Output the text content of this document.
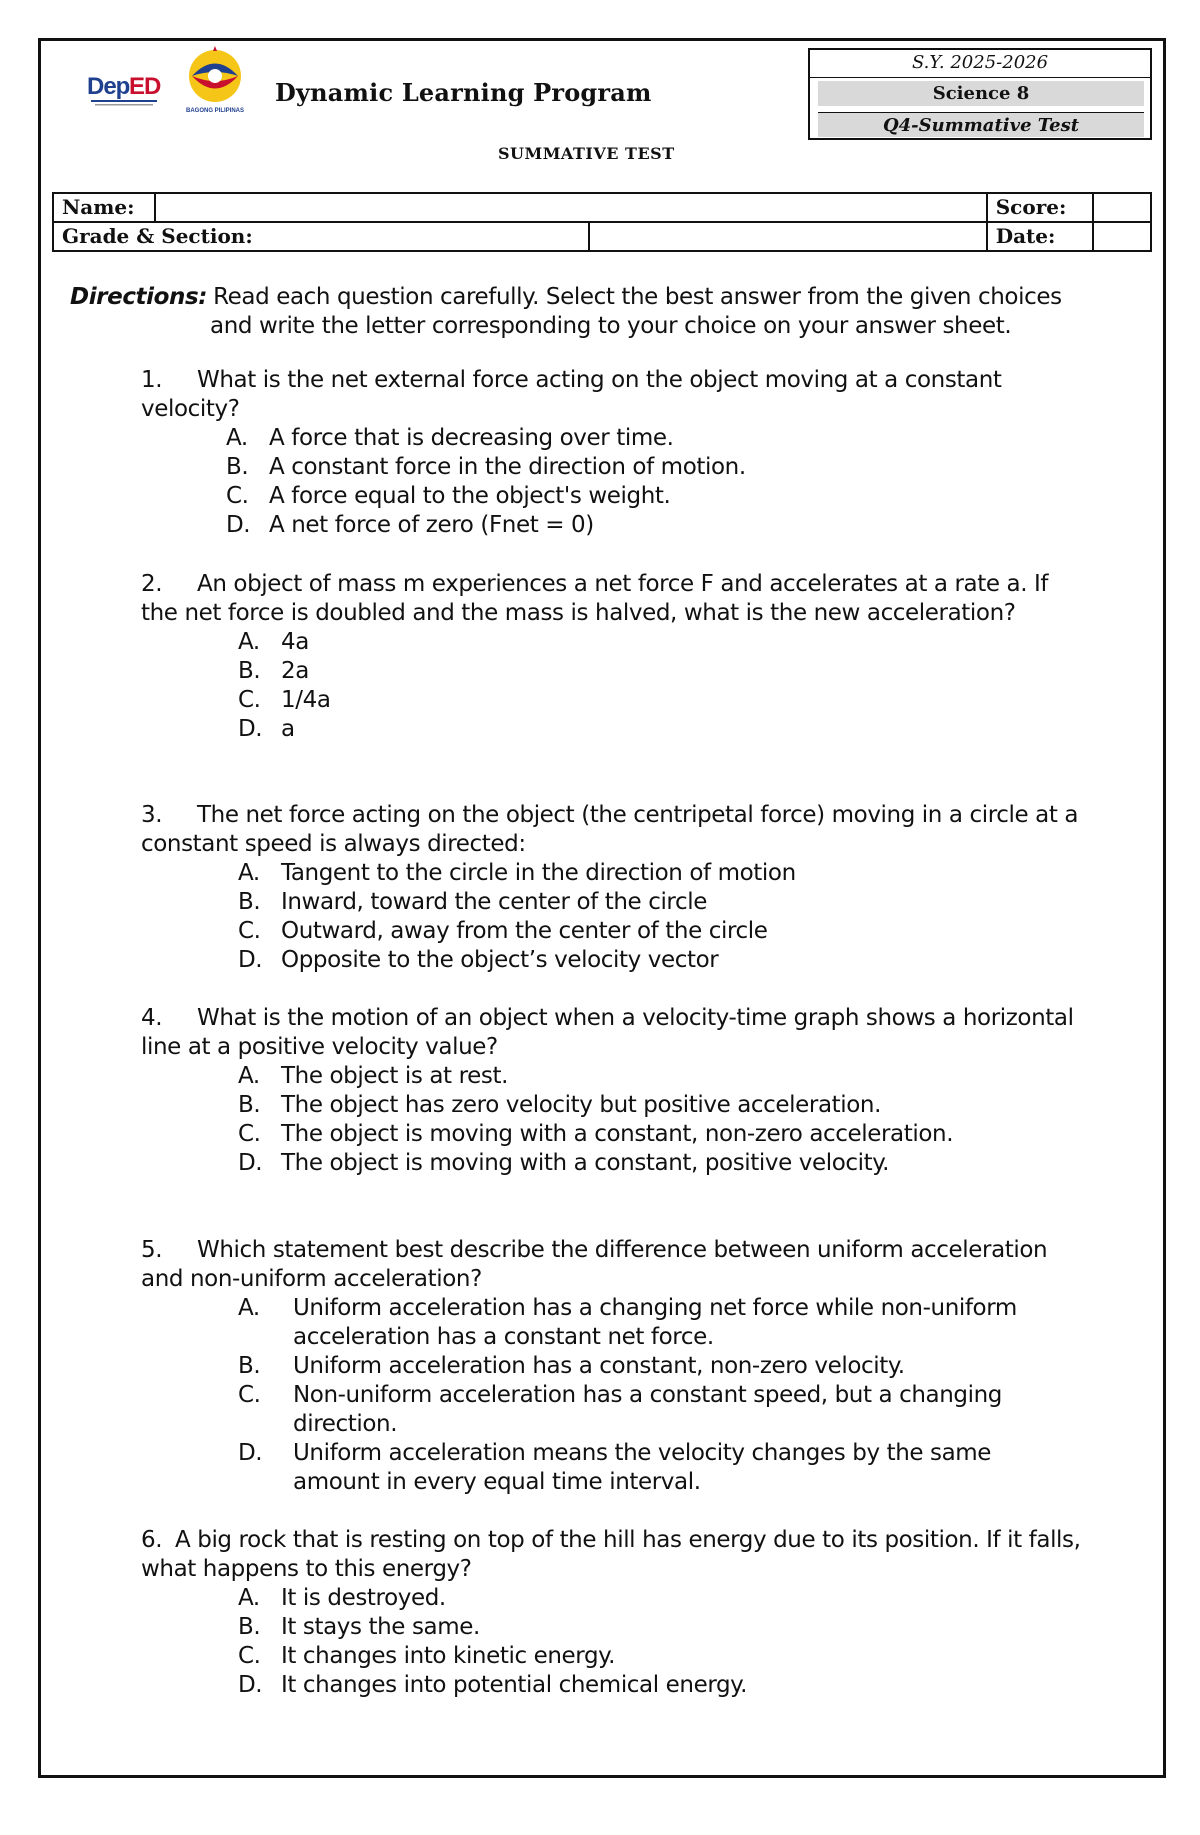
Dep ED
BAGONG PILIPINAS
Dynamic Learning Program
SUMMATIVE TEST
S.Y. 2025-2026
Science 8
Q4-Summative Test
Name:			Score:	
Grade & Section:			Date:	
Directions: Read each question carefully. Select the best answer from the given choices
and write the letter corresponding to your choice on your answer sheet.
1. What is the net external force acting on the object moving at a constant velocity?
A. A force that is decreasing over time.
B. A constant force in the direction of motion.
C. A force equal to the object's weight.
D. A net force of zero (Fnet = 0)
2. An object of mass m experiences a net force F and accelerates at a rate a. If the net force is doubled and the mass is halved, what is the new acceleration?
A. 4a
B. 2a
C. 1/4a
D. a
3. The net force acting on the object (the centripetal force) moving in a circle at a constant speed is always directed:
A. Tangent to the circle in the direction of motion
B. Inward, toward the center of the circle
C. Outward, away from the center of the circle
D. Opposite to the object’s velocity vector
4. What is the motion of an object when a velocity-time graph shows a horizontal line at a positive velocity value?
A. The object is at rest.
B. The object has zero velocity but positive acceleration.
C. The object is moving with a constant, non-zero acceleration.
D. The object is moving with a constant, positive velocity.
5. Which statement best describe the difference between uniform acceleration and non-uniform acceleration?
A.	Uniform acceleration has a changing net force while non-uniform acceleration has a constant net force.
B.	Uniform acceleration has a constant, non-zero velocity.
C.	Non-uniform acceleration has a constant speed, but a changing direction.
D.	Uniform acceleration means the velocity changes by the same amount in every equal time interval.
6. A big rock that is resting on top of the hill has energy due to its position. If it falls, what happens to this energy?
A. It is destroyed.
B. It stays the same.
C. It changes into kinetic energy.
D. It changes into potential chemical energy.
